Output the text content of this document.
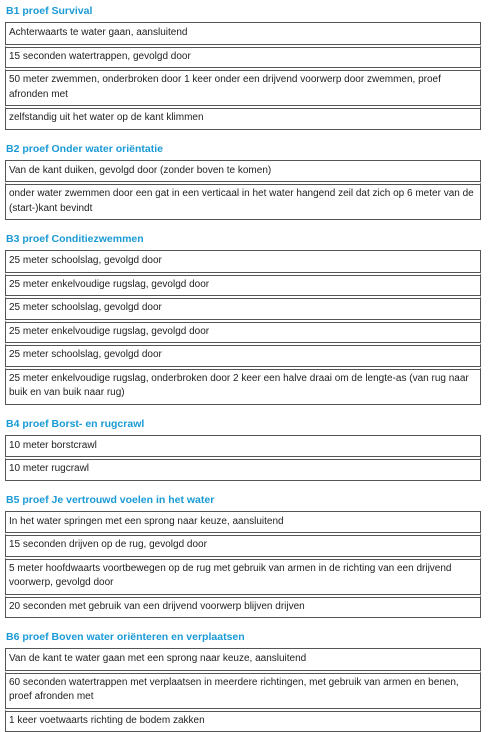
B1 proef Survival
Achterwaarts te water gaan, aansluitend
15 seconden watertrappen, gevolgd door
50 meter zwemmen, onderbroken door 1 keer onder een drijvend voorwerp door zwemmen, proef afronden met
zelfstandig uit het water op de kant klimmen
B2 proef Onder water oriëntatie
Van de kant duiken, gevolgd door (zonder boven te komen)
onder water zwemmen door een gat in een verticaal in het water hangend zeil dat zich op 6 meter van de (start-)kant bevindt
B3 proef Conditiezwemmen
25 meter schoolslag, gevolgd door
25 meter enkelvoudige rugslag, gevolgd door
25 meter schoolslag, gevolgd door
25 meter enkelvoudige rugslag, gevolgd door
25 meter schoolslag, gevolgd door
25 meter enkelvoudige rugslag, onderbroken door 2 keer een halve draai om de lengte-as (van rug naar buik en van buik naar rug)
B4 proef Borst- en rugcrawl
10 meter borstcrawl
10 meter rugcrawl
B5 proef Je vertrouwd voelen in het water
In het water springen met een sprong naar keuze, aansluitend
15 seconden drijven op de rug, gevolgd door
5 meter hoofdwaarts voortbewegen op de rug met gebruik van armen in de richting van een drijvend voorwerp, gevolgd door
20 seconden met gebruik van een drijvend voorwerp blijven drijven
B6 proef Boven water oriënteren en verplaatsen
Van de kant te water gaan met een sprong naar keuze, aansluitend
60 seconden watertrappen met verplaatsen in meerdere richtingen, met gebruik van armen en benen, proef afronden met
1 keer voetwaarts richting de bodem zakken
